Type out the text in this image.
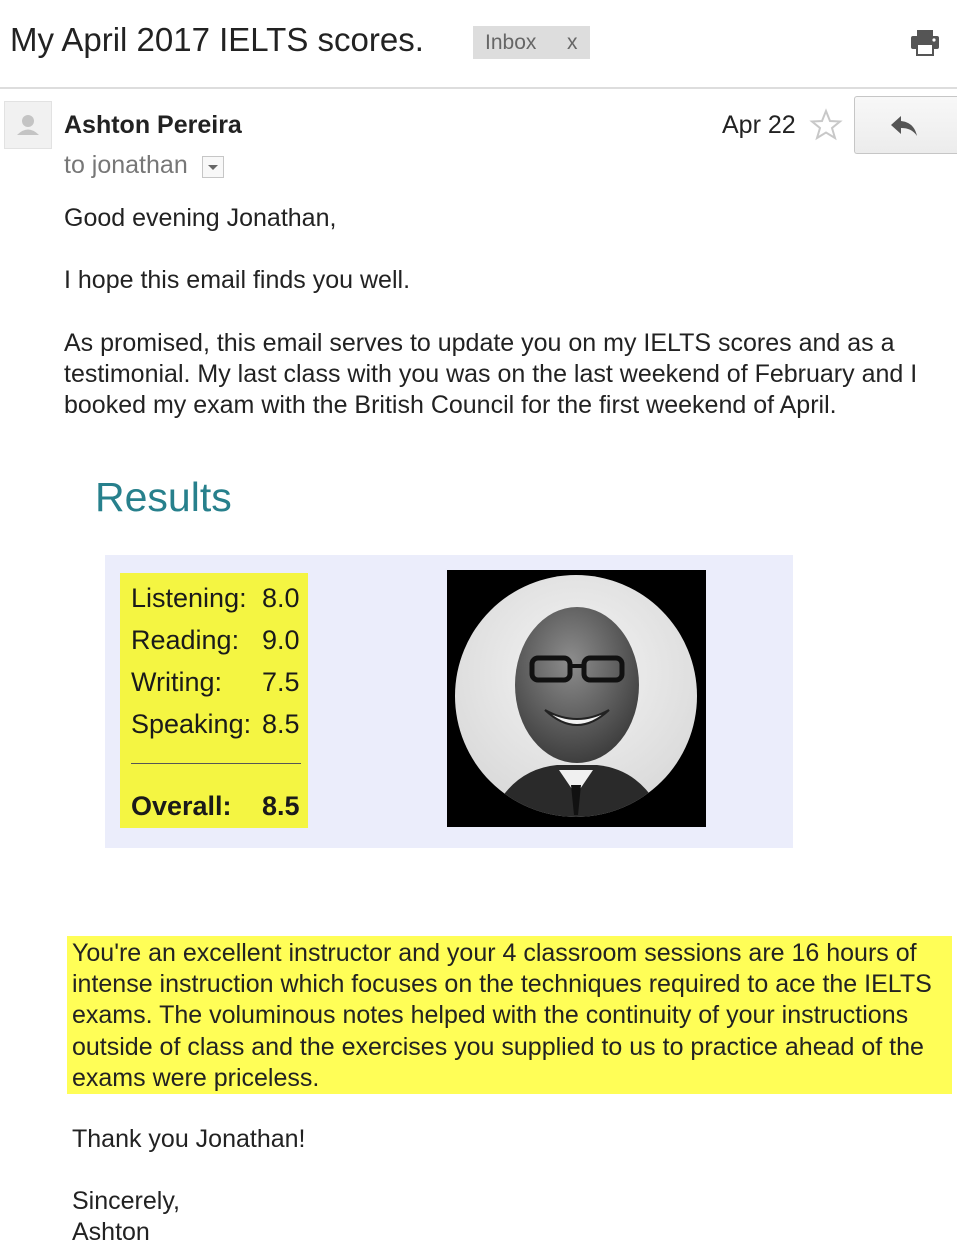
My April 2017 IELTS scores.	Inbox x
Ashton Pereira
to jonathan
Apr 22
Good evening Jonathan,
I hope this email finds you well.
As promised, this email serves to update you on my IELTS scores and as a testimonial. My last class with you was on the last weekend of February and I booked my exam with the British Council for the first weekend of April.
Results
Listening: 8.0
Reading: 9.0
Writing: 7.5
Speaking: 8.5
Overall: 8.5
You're an excellent instructor and your 4 classroom sessions are 16 hours of intense instruction which focuses on the techniques required to ace the IELTS exams. The voluminous notes helped with the continuity of your instructions outside of class and the exercises you supplied to us to practice ahead of the exams were priceless.
Thank you Jonathan!
Sincerely,
Ashton
